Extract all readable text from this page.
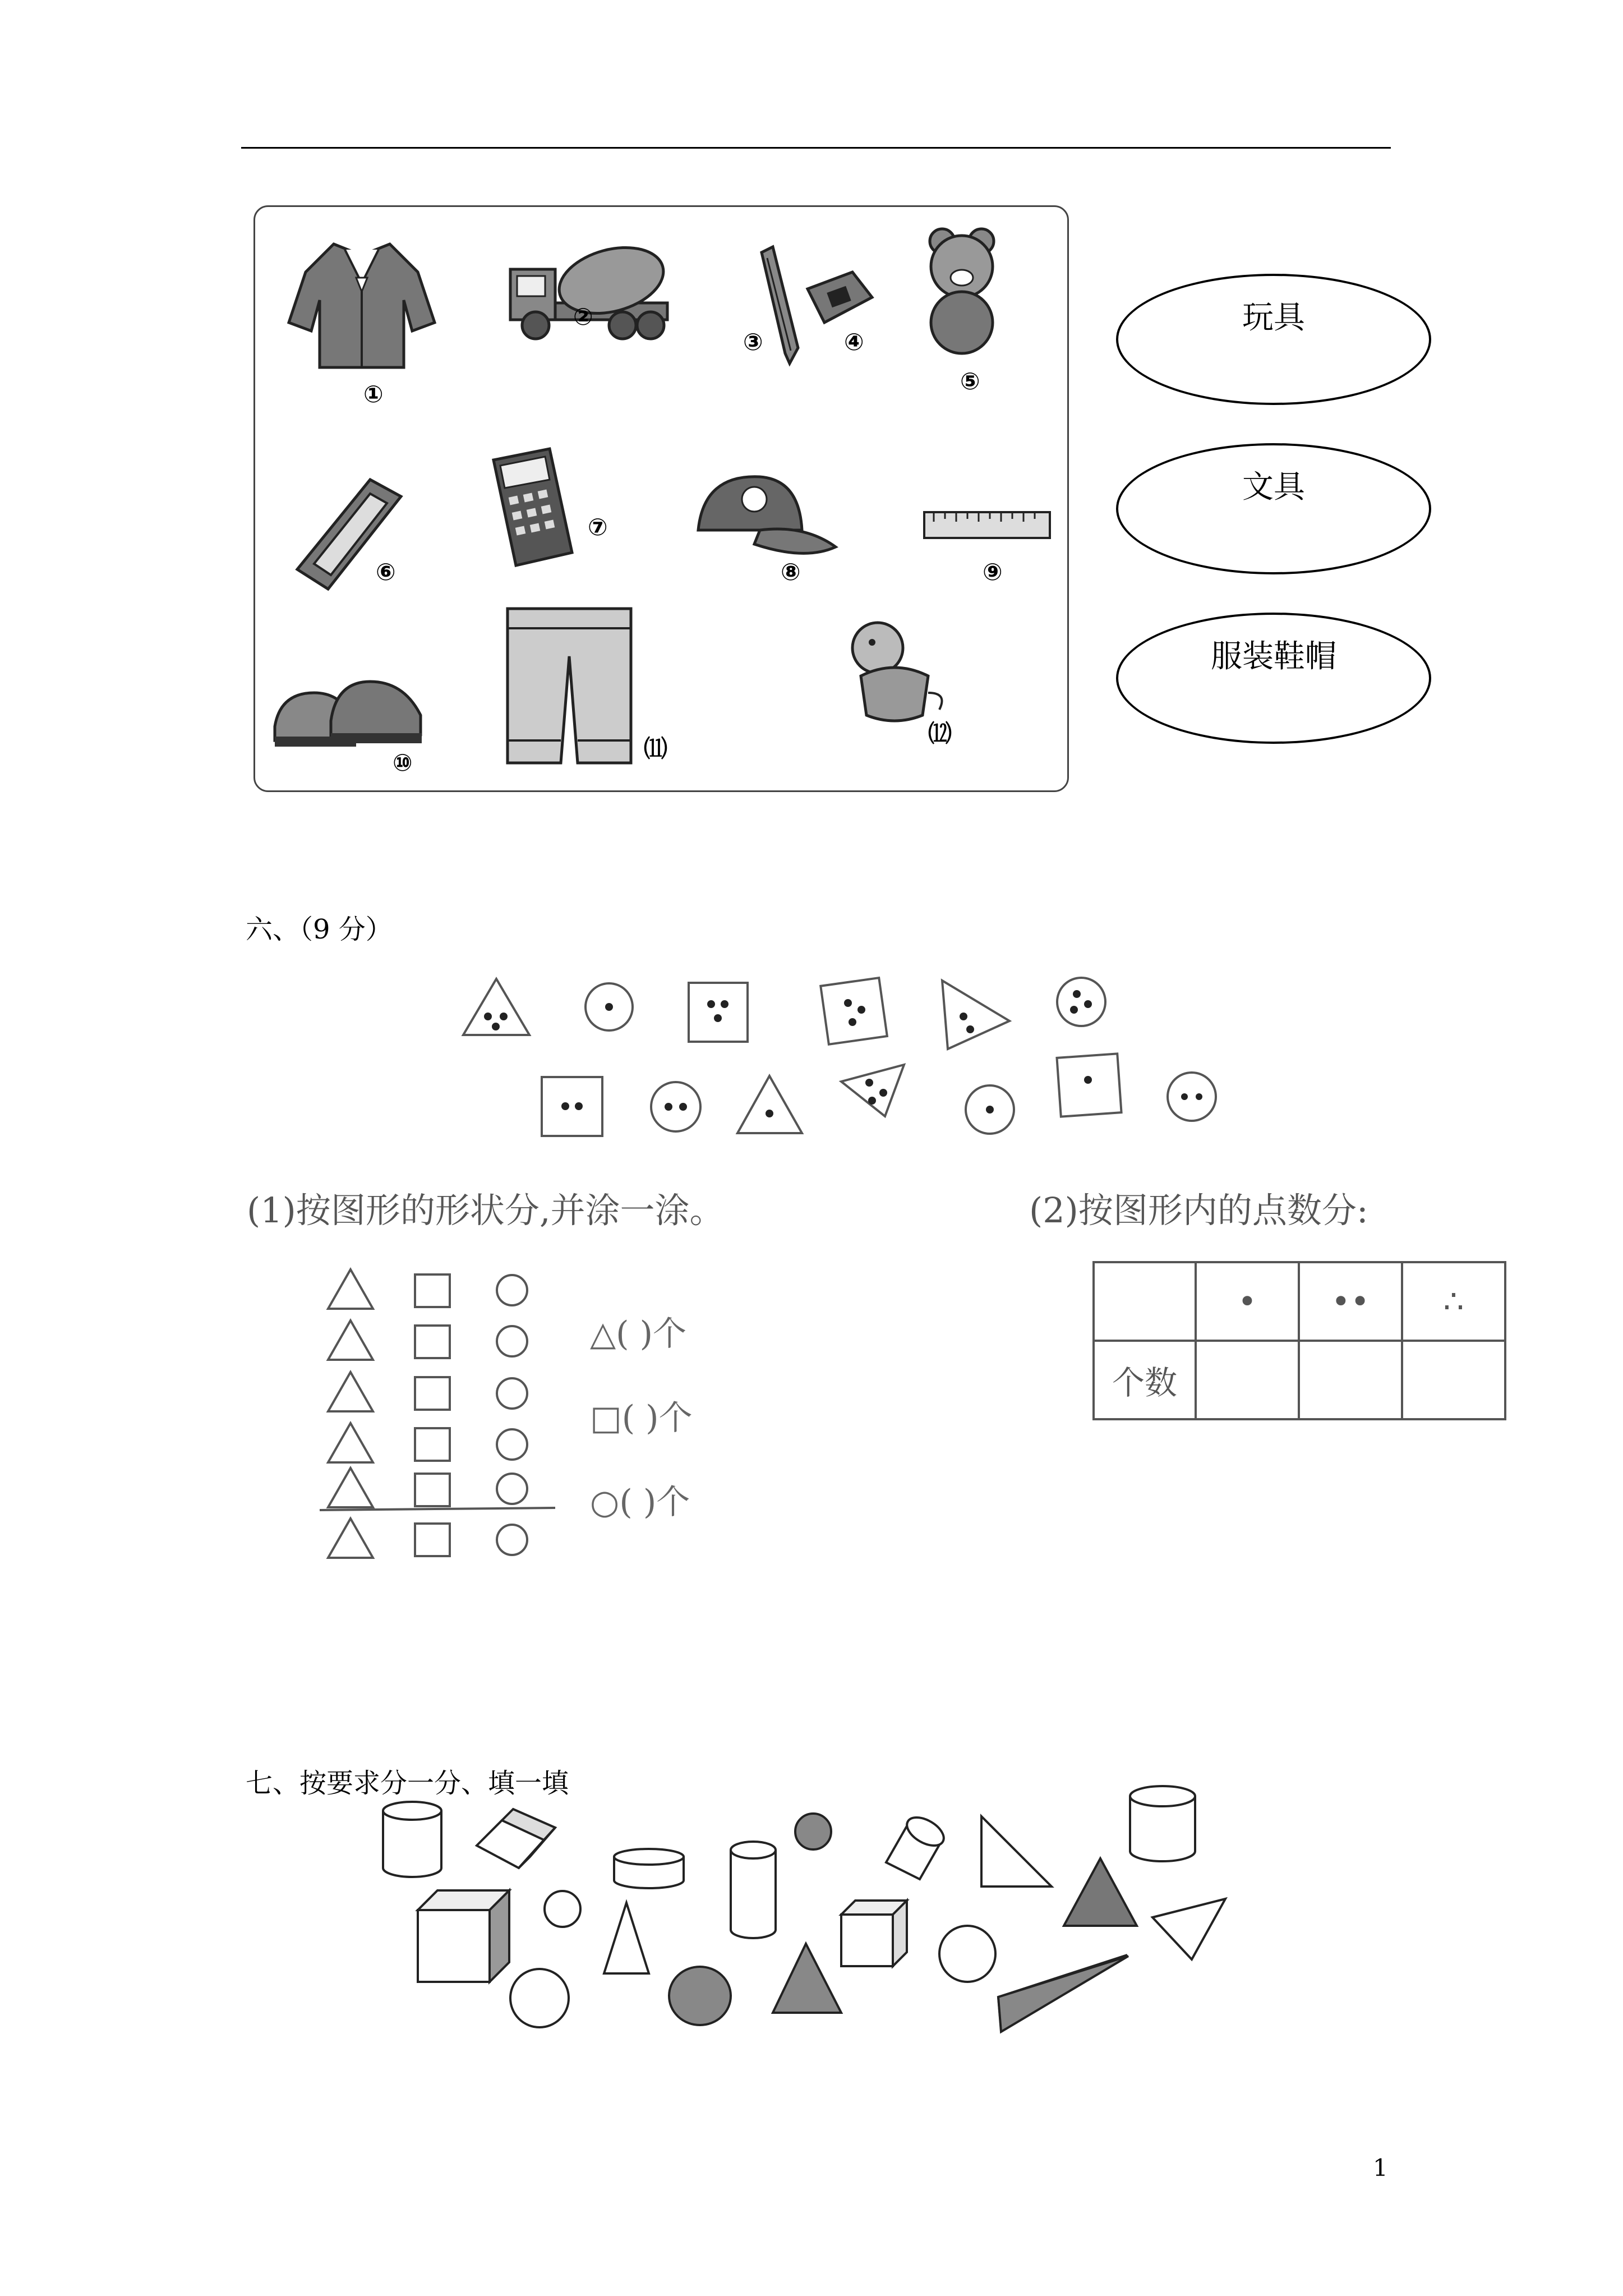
①
②
③	④
⑤
⑥
⑦
⑧	⑨
⑩
⑾
⑿
玩具
文具
服装鞋帽
六、（9 分）
(1)按图形的形状分,并涂一涂。	(2)按图形内的点数分:
△( )个
□( )个
○( )个
	•	••	∴
个数			
七、按要求分一分、填一填
1
